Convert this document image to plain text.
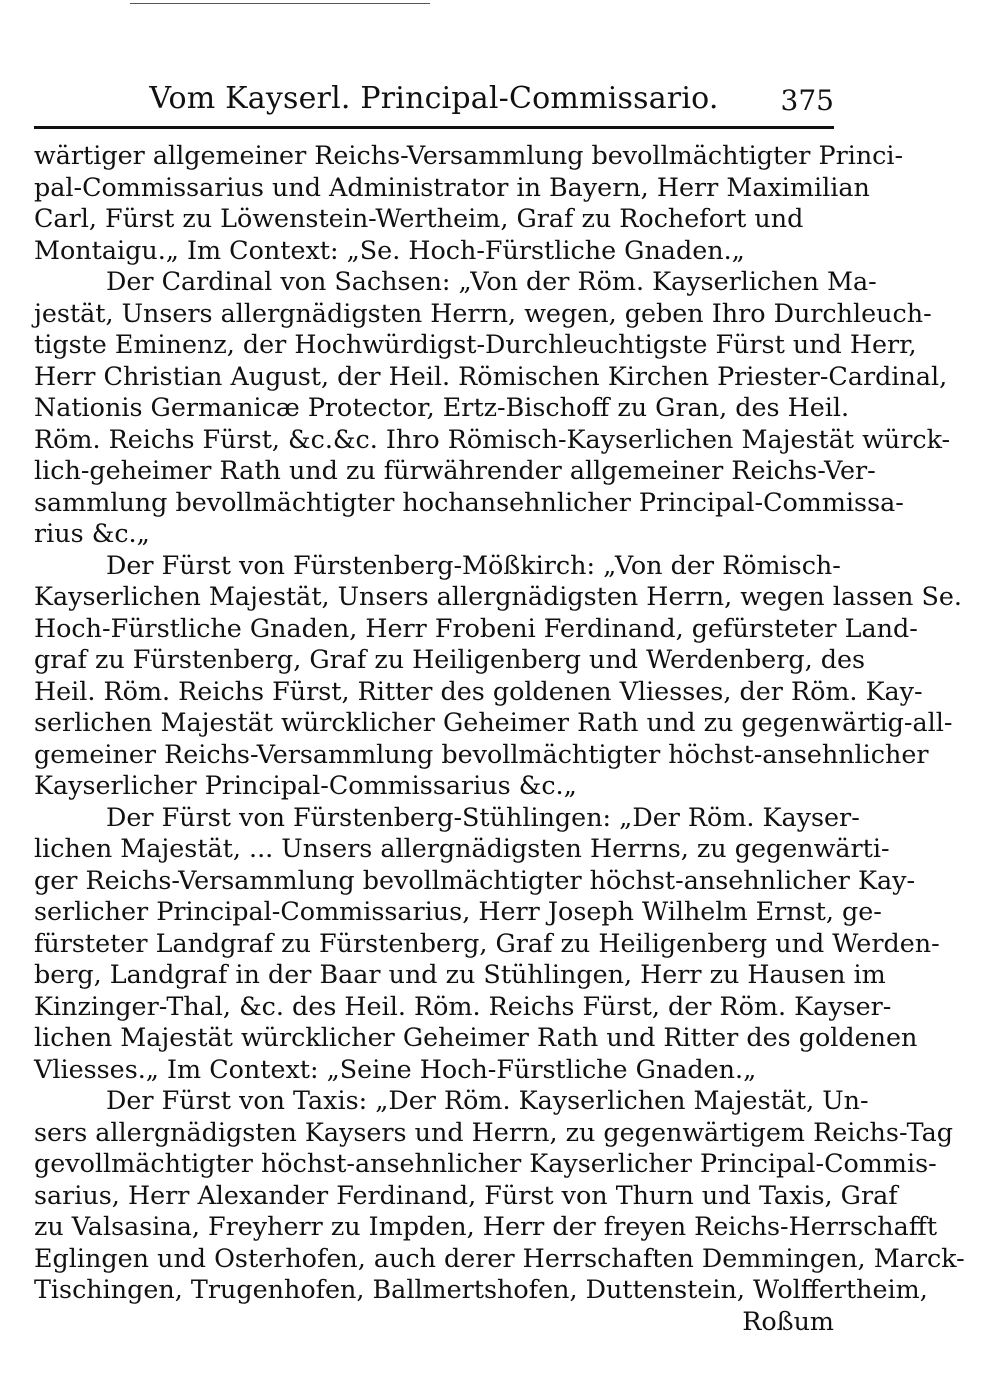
Vom Kayserl. Principal-Commissario.	375
wärtiger allgemeiner Reichs-Versammlung bevollmächtigter Princi-
pal-Commissarius und Administrator in Bayern, Herr Maximilian
Carl, Fürst zu Löwenstein-Wertheim, Graf zu Rochefort und
Montaigu.„ Im Context: „Se. Hoch-Fürstliche Gnaden.„
Der Cardinal von Sachsen: „Von der Röm. Kayserlichen Ma-
jestät, Unsers allergnädigsten Herrn, wegen, geben Ihro Durchleuch-
tigste Eminenz, der Hochwürdigst-Durchleuchtigste Fürst und Herr,
Herr Christian August, der Heil. Römischen Kirchen Priester-Cardinal,
Nationis Germanicæ Protector, Ertz-Bischoff zu Gran, des Heil.
Röm. Reichs Fürst, &c.&c. Ihro Römisch-Kayserlichen Majestät würck-
lich-geheimer Rath und zu fürwährender allgemeiner Reichs-Ver-
sammlung bevollmächtigter hochansehnlicher Principal-Commissa-
rius &c.„
Der Fürst von Fürstenberg-Mößkirch: „Von der Römisch-
Kayserlichen Majestät, Unsers allergnädigsten Herrn, wegen lassen Se.
Hoch-Fürstliche Gnaden, Herr Frobeni Ferdinand, gefürsteter Land-
graf zu Fürstenberg, Graf zu Heiligenberg und Werdenberg, des
Heil. Röm. Reichs Fürst, Ritter des goldenen Vliesses, der Röm. Kay-
serlichen Majestät würcklicher Geheimer Rath und zu gegenwärtig-all-
gemeiner Reichs-Versammlung bevollmächtigter höchst-ansehnlicher
Kayserlicher Principal-Commissarius &c.„
Der Fürst von Fürstenberg-Stühlingen: „Der Röm. Kayser-
lichen Majestät, ... Unsers allergnädigsten Herrns, zu gegenwärti-
ger Reichs-Versammlung bevollmächtigter höchst-ansehnlicher Kay-
serlicher Principal-Commissarius, Herr Joseph Wilhelm Ernst, ge-
fürsteter Landgraf zu Fürstenberg, Graf zu Heiligenberg und Werden-
berg, Landgraf in der Baar und zu Stühlingen, Herr zu Hausen im
Kinzinger-Thal, &c. des Heil. Röm. Reichs Fürst, der Röm. Kayser-
lichen Majestät würcklicher Geheimer Rath und Ritter des goldenen
Vliesses.„ Im Context: „Seine Hoch-Fürstliche Gnaden.„
Der Fürst von Taxis: „Der Röm. Kayserlichen Majestät, Un-
sers allergnädigsten Kaysers und Herrn, zu gegenwärtigem Reichs-Tag
gevollmächtigter höchst-ansehnlicher Kayserlicher Principal-Commis-
sarius, Herr Alexander Ferdinand, Fürst von Thurn und Taxis, Graf
zu Valsasina, Freyherr zu Impden, Herr der freyen Reichs-Herrschafft
Eglingen und Osterhofen, auch derer Herrschaften Demmingen, Marck-
Tischingen, Trugenhofen, Ballmertshofen, Duttenstein, Wolffertheim,
Roßum
